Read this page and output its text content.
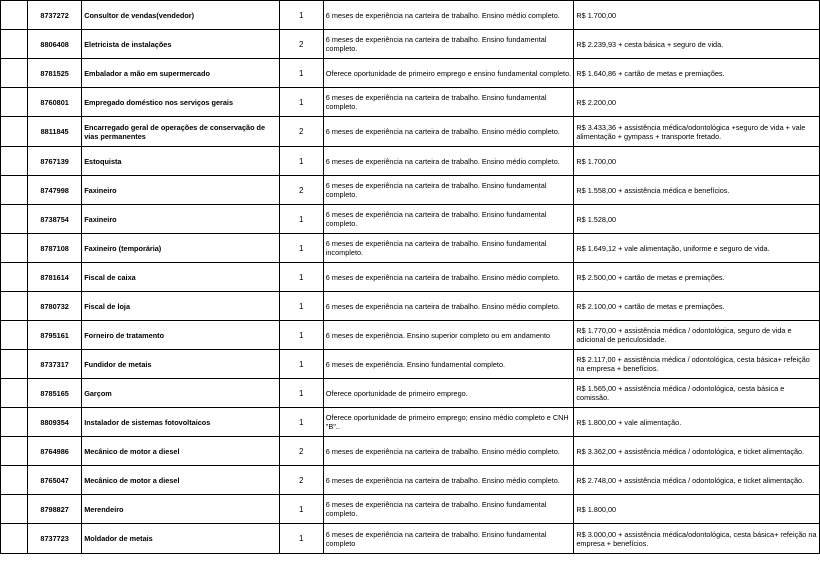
	8737272	Consultor de vendas(vendedor)	1	6 meses de experiência na carteira de trabalho. Ensino médio completo.	R$ 1.700,00
	8806408	Eletricista de instalações	2	6 meses de experiência na carteira de trabalho. Ensino fundamental completo.	R$ 2.239,93 + cesta básica + seguro de vida.
	8781525	Embalador a mão em supermercado	1	Oferece oportunidade de primeiro emprego e ensino fundamental completo.	R$ 1.640,86 + cartão de metas e premiações.
	8760801	Empregado doméstico nos serviços gerais	1	6 meses de experiência na carteira de trabalho. Ensino fundamental completo.	R$ 2.200,00
	8811845	Encarregado geral de operações de conservação de vias permanentes	2	6 meses de experiência na carteira de trabalho. Ensino médio completo.	R$ 3.433,36 + assistência médica/odontológica +seguro de vida + vale alimentação + gympass + transporte fretado.
	8767139	Estoquista	1	6 meses de experiência na carteira de trabalho. Ensino médio completo.	R$ 1.700,00
	8747998	Faxineiro	2	6 meses de experiência na carteira de trabalho. Ensino fundamental completo.	R$ 1.558,00 + assistência médica e benefícios.
	8738754	Faxineiro	1	6 meses de experiência na carteira de trabalho. Ensino fundamental completo.	R$ 1.528,00
	8787108	Faxineiro (temporária)	1	6 meses de experiência na carteira de trabalho. Ensino fundamental incompleto.	R$ 1.649,12 + vale alimentação, uniforme e seguro de vida.
	8781614	Fiscal de caixa	1	6 meses de experiência na carteira de trabalho. Ensino médio completo.	R$ 2.500,00 + cartão de metas e premiações.
	8780732	Fiscal de loja	1	6 meses de experiência na carteira de trabalho. Ensino médio completo.	R$ 2.100,00 + cartão de metas e premiações.
	8795161	Forneiro de tratamento	1	6 meses de experiência. Ensino superior completo ou em andamento	R$ 1.770,00 + assistência médica / odontológica, seguro de vida e adicional de periculosidade.
	8737317	Fundidor de metais	1	6 meses de experiência. Ensino fundamental completo.	R$ 2.117,00 + assistência médica / odontológica, cesta básica+ refeição na empresa + benefícios.
	8785165	Garçom	1	Oferece oportunidade de primeiro emprego.	R$ 1.565,00 + assistência médica / odontológica, cesta básica e comissão.
	8809354	Instalador de sistemas fotovoltaicos	1	Oferece oportunidade de primeiro emprego; ensino médio completo e CNH "B"..	R$ 1.800,00 + vale alimentação.
	8764986	Mecânico de motor a diesel	2	6 meses de experiência na carteira de trabalho. Ensino médio completo.	R$ 3.362,00 + assistência médica / odontológica, e ticket alimentação.
	8765047	Mecânico de motor a diesel	2	6 meses de experiência na carteira de trabalho. Ensino médio completo.	R$ 2.748,00 + assistência médica / odontológica, e ticket alimentação.
	8798827	Merendeiro	1	6 meses de experiência na carteira de trabalho. Ensino fundamental completo.	R$ 1.800,00
	8737723	Moldador de metais	1	6 meses de experiência na carteira de trabalho. Ensino fundamental completo	R$ 3.000,00 + assistência médica/odontológica, cesta básica+ refeição na empresa + benefícios.
